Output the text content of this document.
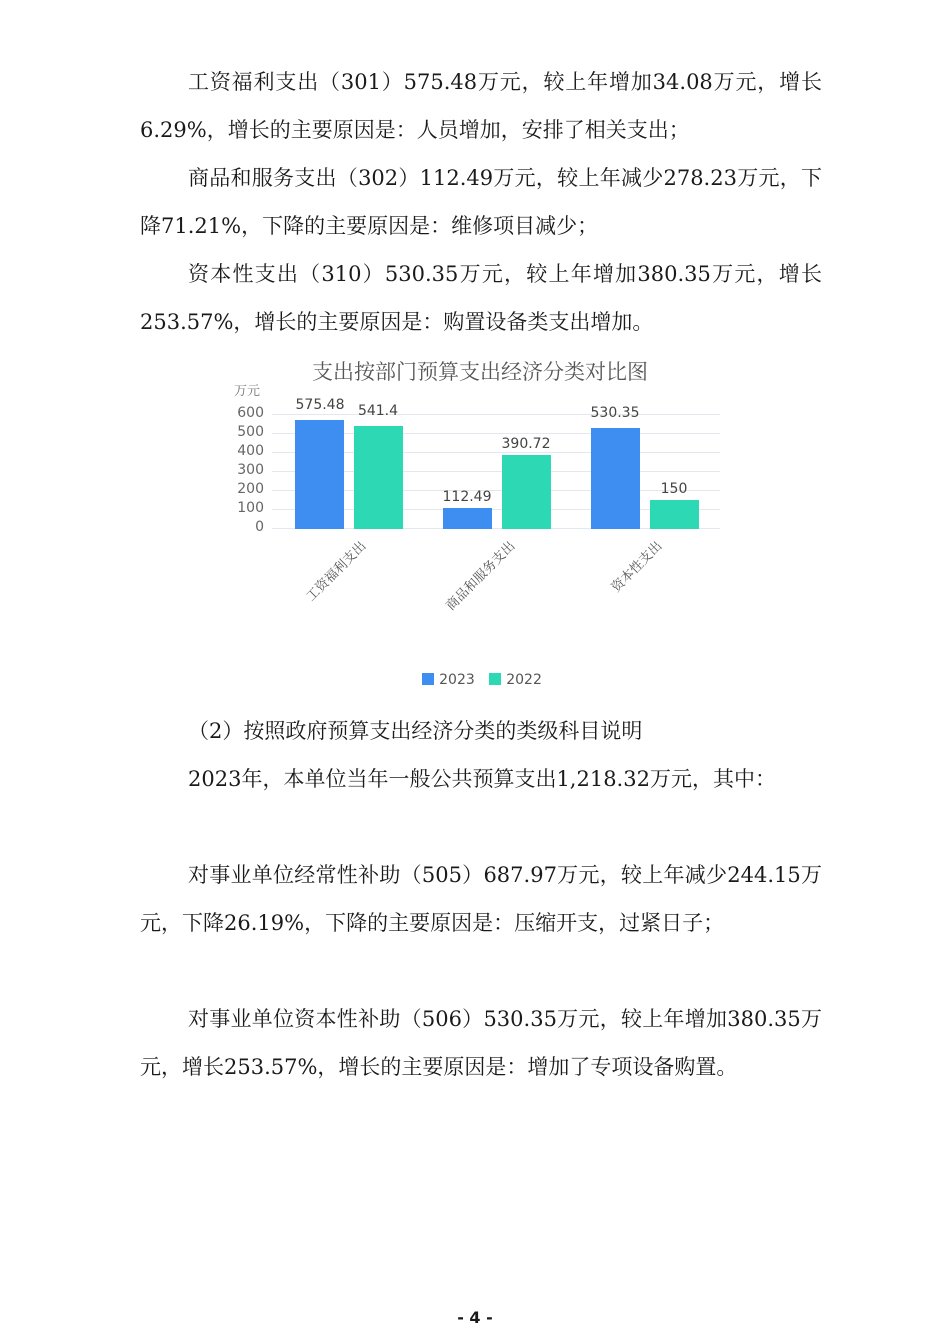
工资福利支出（301）575.48万元，较上年增加34.08万元，增长6.29%，增长的主要原因是：人员增加，安排了相关支出；

商品和服务支出（302）112.49万元，较上年减少278.23万元，下降71.21%，下降的主要原因是：维修项目减少；

资本性支出（310）530.35万元，较上年增加380.35万元，增长253.57%，增长的主要原因是：购置设备类支出增加。

支出按部门预算支出经济分类对比图
万元
600
500
400
300
200
100
0
575.48 541.4
112.49
390.72
530.35
150
工资福利支出	商品和服务支出	资本性支出
2023 2022

（2）按照政府预算支出经济分类的类级科目说明

2023年，本单位当年一般公共预算支出1,218.32万元，其中：

对事业单位经常性补助（505）687.97万元，较上年减少244.15万元，下降26.19%，下降的主要原因是：压缩开支，过紧日子；

对事业单位资本性补助（506）530.35万元，较上年增加380.35万元，增长253.57%，增长的主要原因是：增加了专项设备购置。

- 4 -
